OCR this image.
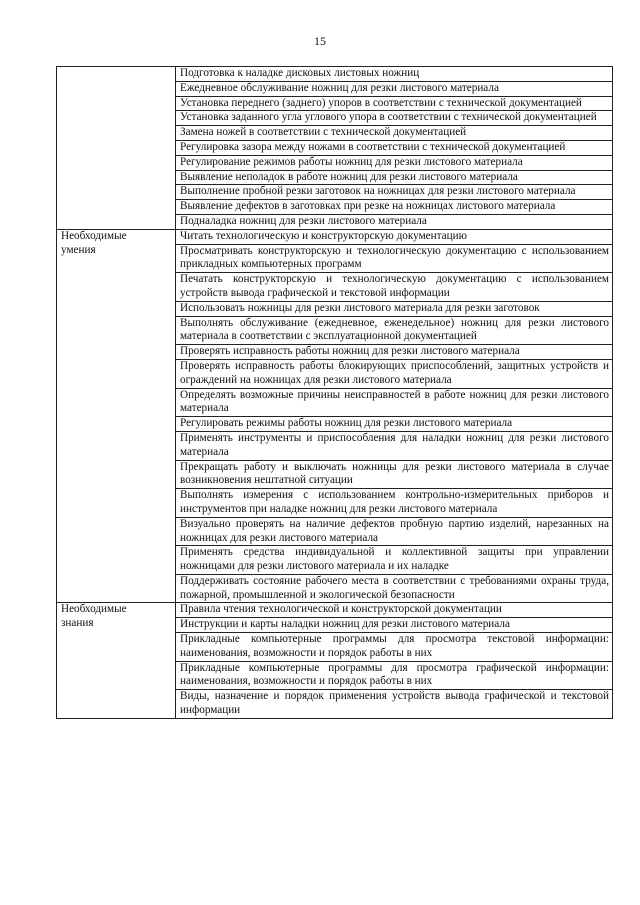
15
	Подготовка к наладке дисковых листовых ножниц
	Ежедневное обслуживание ножниц для резки листового материала
	Установка переднего (заднего) упоров в соответствии с технической документацией
	Установка заданного угла углового упора в соответствии с технической документацией
	Замена ножей в соответствии с технической документацией
	Регулировка зазора между ножами в соответствии с технической документацией
	Регулирование режимов работы ножниц для резки листового материала
	Выявление неполадок в работе ножниц для резки листового материала
	Выполнение пробной резки заготовок на ножницах для резки листового материала
	Выявление дефектов в заготовках при резке на ножницах листового материала
	Подналадка ножниц для резки листового материала

Необходимые
умения	Читать технологическую и конструкторскую документацию
	Просматривать конструкторскую и технологическую документацию с использованием прикладных компьютерных программ
	Печатать конструкторскую и технологическую документацию с использованием устройств вывода графической и текстовой информации
	Использовать ножницы для резки листового материала для резки заготовок
	Выполнять обслуживание (ежедневное, еженедельное) ножниц для резки листового материала в соответствии с эксплуатационной документацией
	Проверять исправность работы ножниц для резки листового материала
	Проверять исправность работы блокирующих приспособлений, защитных устройств и ограждений на ножницах для резки листового материала
	Определять возможные причины неисправностей в работе ножниц для резки листового материала
	Регулировать режимы работы ножниц для резки листового материала
	Применять инструменты и приспособления для наладки ножниц для резки листового материала
	Прекращать работу и выключать ножницы для резки листового материала в случае возникновения нештатной ситуации
	Выполнять измерения с использованием контрольно-измерительных приборов и инструментов при наладке ножниц для резки листового материала
	Визуально проверять на наличие дефектов пробную партию изделий, нарезанных на ножницах для резки листового материала
	Применять средства индивидуальной и коллективной защиты при управлении ножницами для резки листового материала и их наладке
	Поддерживать состояние рабочего места в соответствии с требованиями охраны труда, пожарной, промышленной и экологической безопасности

Необходимые
знания	Правила чтения технологической и конструкторской документации
	Инструкции и карты наладки ножниц для резки листового материала
	Прикладные компьютерные программы для просмотра текстовой информации: наименования, возможности и порядок работы в них
	Прикладные компьютерные программы для просмотра графической информации: наименования, возможности и порядок работы в них
	Виды, назначение и порядок применения устройств вывода графической и текстовой информации
